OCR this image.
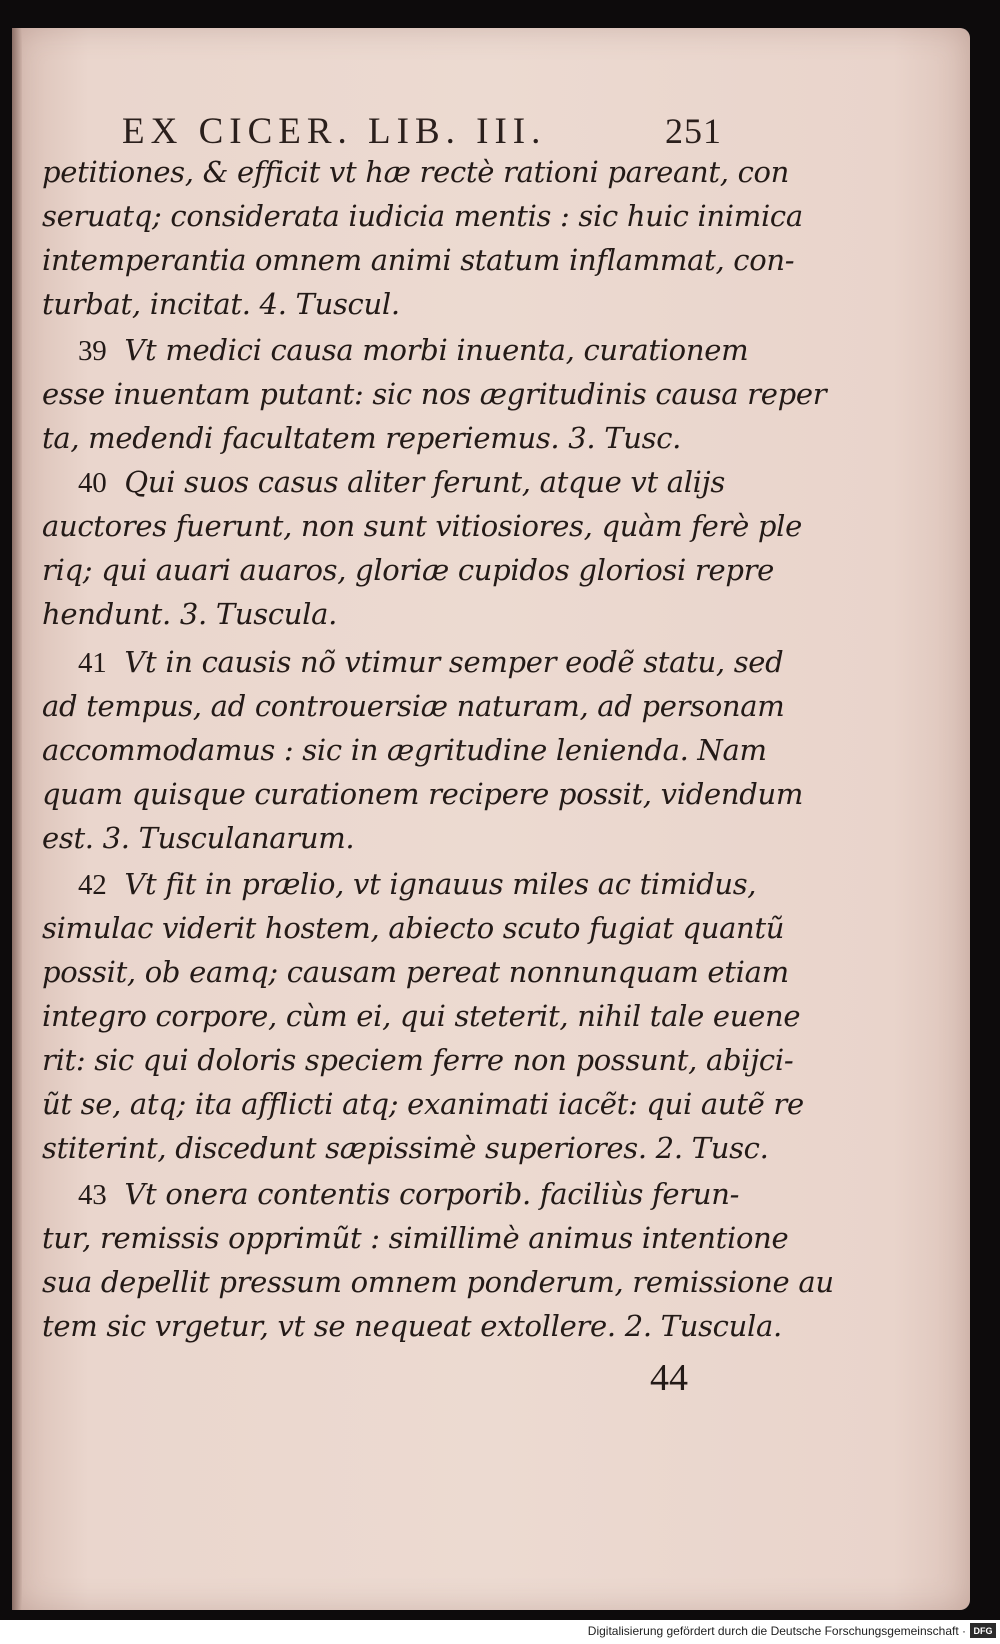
EX CICER. LIB. III.	251
petitiones, & efficit vt hæ rectè rationi pareant, con
seruatq; considerata iudicia mentis : sic huic inimica
intemperantia omnem animi statum inflammat, con-
turbat, incitat. 4. Tuscul.
39 Vt medici causa morbi inuenta, curationem
esse inuentam putant: sic nos ægritudinis causa reper
ta, medendi facultatem reperiemus. 3. Tusc.
40 Qui suos casus aliter ferunt, atque vt alijs
auctores fuerunt, non sunt vitiosiores, quàm ferè ple
riq; qui auari auaros, gloriæ cupidos gloriosi repre
hendunt. 3. Tuscula.
41 Vt in causis nõ vtimur semper eodẽ statu, sed
ad tempus, ad controuersiæ naturam, ad personam
accommodamus : sic in ægritudine lenienda. Nam
quam quisque curationem recipere possit, videndum
est. 3. Tusculanarum.
42 Vt fit in prælio, vt ignauus miles ac timidus,
simulac viderit hostem, abiecto scuto fugiat quantũ
possit, ob eamq; causam pereat nonnunquam etiam
integro corpore, cùm ei, qui steterit, nihil tale euene
rit: sic qui doloris speciem ferre non possunt, abijci-
ũt se, atq; ita afflicti atq; exanimati iacẽt: qui autẽ re
stiterint, discedunt sæpissimè superiores. 2. Tusc.
43 Vt onera contentis corporib. faciliùs ferun-
tur, remissis opprimũt : simillimè animus intentione
sua depellit pressum omnem ponderum, remissione au
tem sic vrgetur, vt se nequeat extollere. 2. Tuscula.
44
Digitalisierung gefördert durch die Deutsche Forschungsgemeinschaft · DFG
